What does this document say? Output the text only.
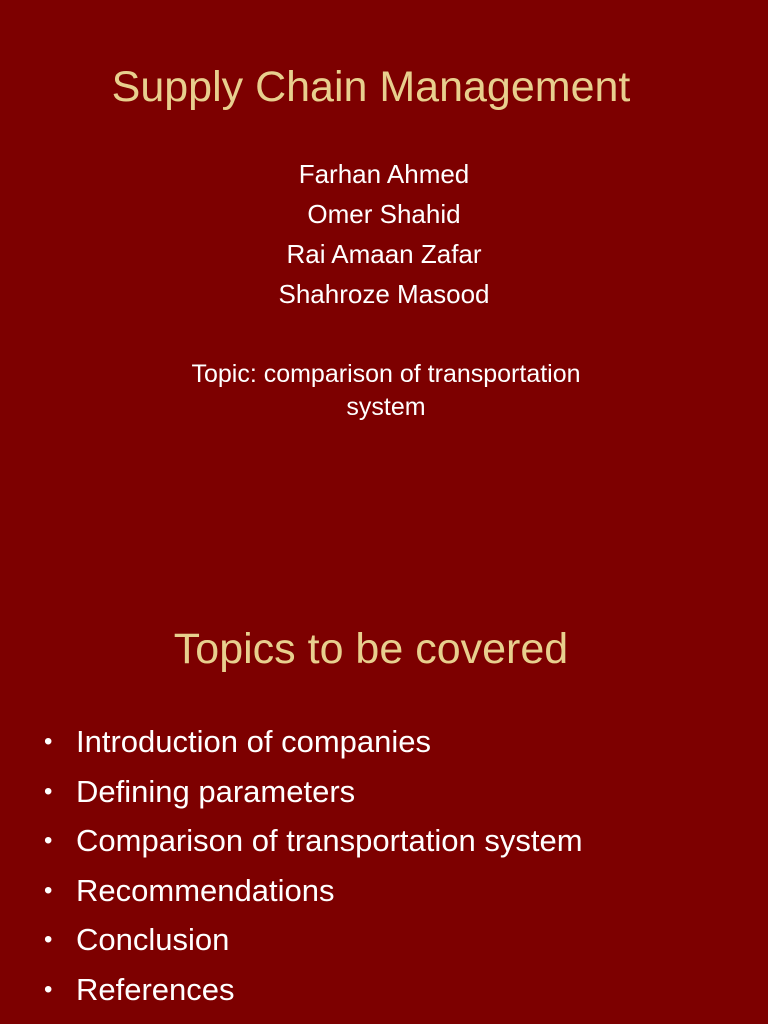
Supply Chain Management
Farhan Ahmed
Omer Shahid
Rai Amaan Zafar
Shahroze Masood

Topic: comparison of transportation
system

Topics to be covered
• Introduction of companies
• Defining parameters
• Comparison of transportation system
• Recommendations
• Conclusion
• References
